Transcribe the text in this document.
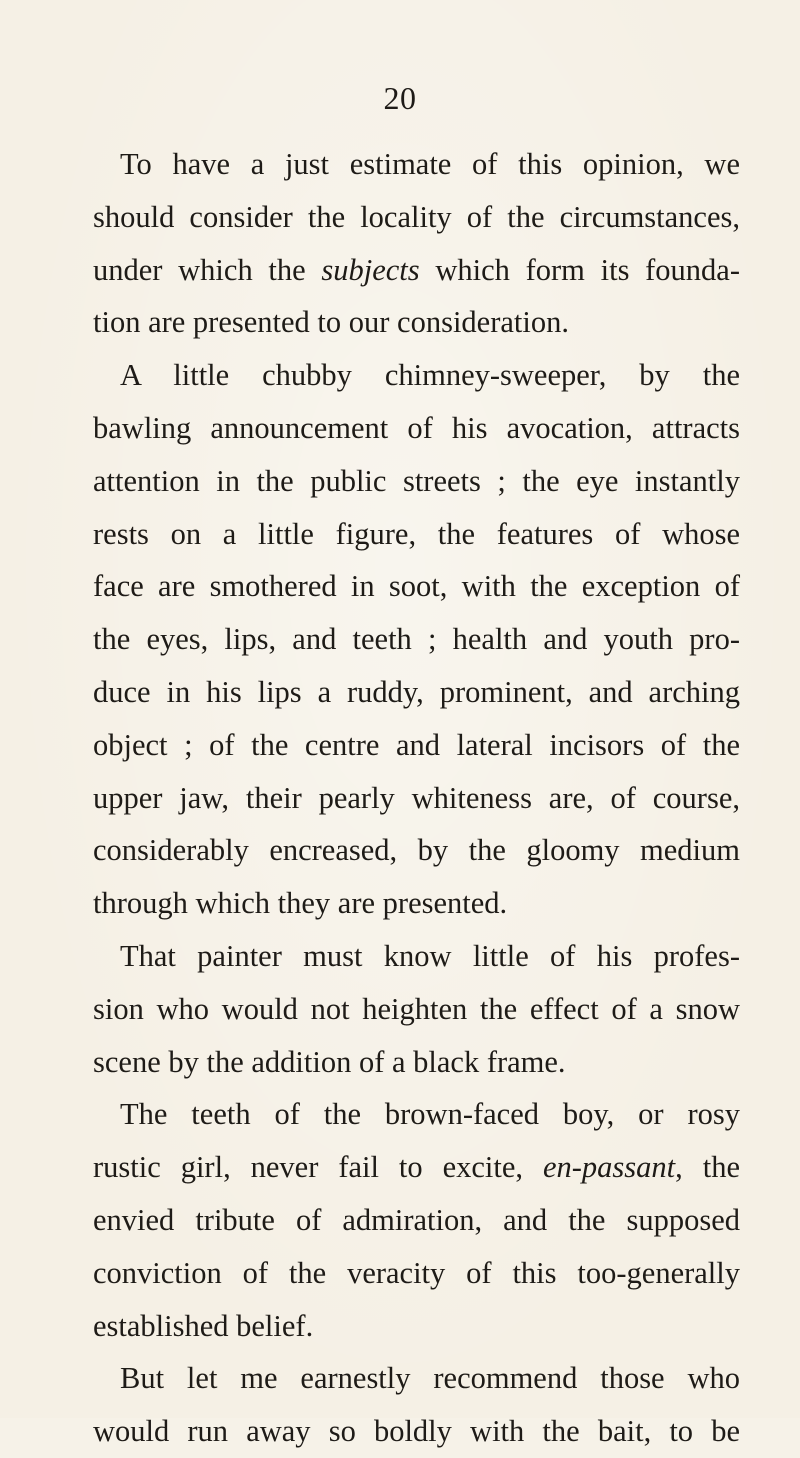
20
To have a just estimate of this opinion, we
should consider the locality of the circumstances,
under which the subjects which form its founda-
tion are presented to our consideration.
A little chubby chimney-sweeper, by the
bawling announcement of his avocation, attracts
attention in the public streets ; the eye instantly
rests on a little figure, the features of whose
face are smothered in soot, with the exception of
the eyes, lips, and teeth ; health and youth pro-
duce in his lips a ruddy, prominent, and arching
object ; of the centre and lateral incisors of the
upper jaw, their pearly whiteness are, of course,
considerably encreased, by the gloomy medium
through which they are presented.
That painter must know little of his profes-
sion who would not heighten the effect of a snow
scene by the addition of a black frame.
The teeth of the brown-faced boy, or rosy
rustic girl, never fail to excite, en-passant, the
envied tribute of admiration, and the supposed
conviction of the veracity of this too-generally
established belief.
But let me earnestly recommend those who
would run away so boldly with the bait, to be
